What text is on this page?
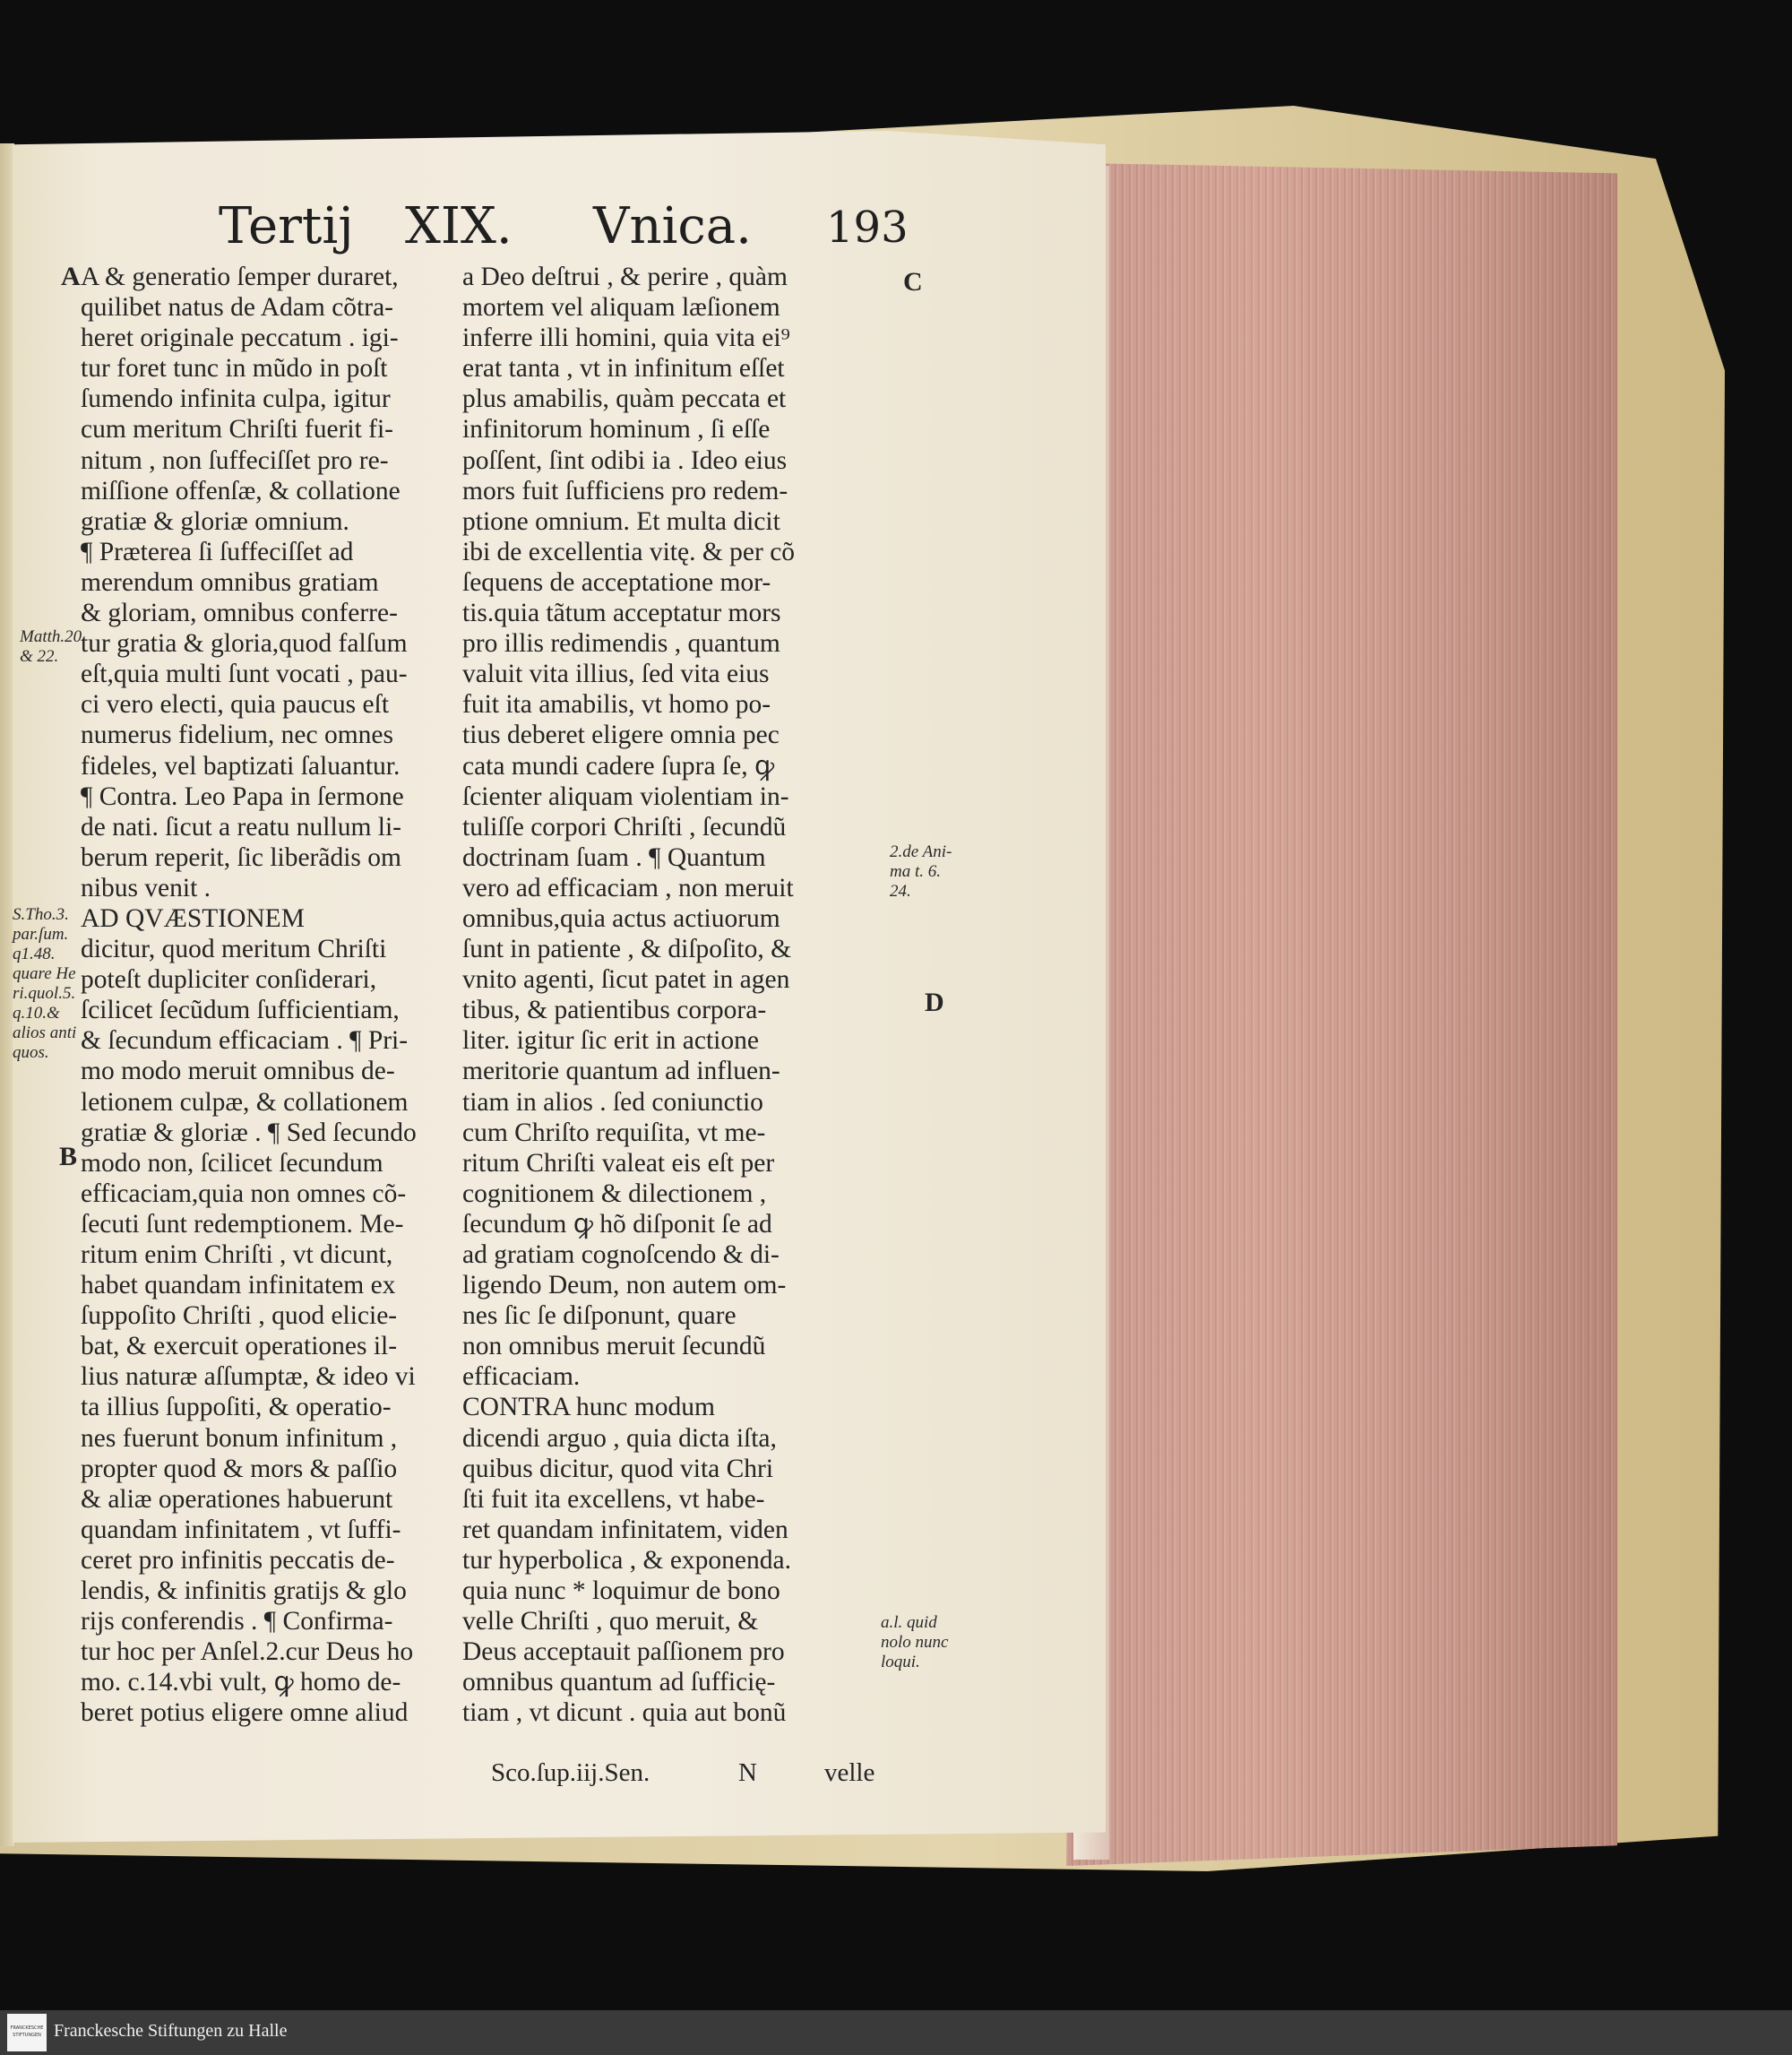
Tertij XIX. Vnica. 193
A & generatio ſemper duraret,
quilibet natus de Adam cõtra-
heret originale peccatum . igi-
tur foret tunc in mũdo in poſt
ſumendo infinita culpa, igitur
cum meritum Chriſti fuerit fi-
nitum , non ſuffeciſſet pro re-
miſſione offenſæ, & collatione
gratiæ & gloriæ omnium.
¶ Præterea ſi ſuffeciſſet ad
merendum omnibus gratiam
& gloriam, omnibus conferre-
tur gratia & gloria,quod falſum
eſt,quia multi ſunt vocati , pau-
ci vero electi, quia paucus eſt
numerus fidelium, nec omnes
fideles, vel baptizati ſaluantur.
¶ Contra. Leo Papa in ſermone
de nati. ſicut a reatu nullum li-
berum reperit, ſic liberãdis om
nibus venit .
AD QVÆSTIONEM
dicitur, quod meritum Chriſti
poteſt dupliciter conſiderari,
ſcilicet ſecũdum ſufficientiam,
& ſecundum efficaciam . ¶ Pri-
mo modo meruit omnibus de-
letionem culpæ, & collationem
gratiæ & gloriæ . ¶ Sed ſecundo
modo non, ſcilicet ſecundum
efficaciam,quia non omnes cõ-
ſecuti ſunt redemptionem. Me-
ritum enim Chriſti , vt dicunt,
habet quandam infinitatem ex
ſuppoſito Chriſti , quod elicie-
bat, & exercuit operationes il-
lius naturæ aſſumptæ, & ideo vi
ta illius ſuppoſiti, & operatio-
nes fuerunt bonum infinitum ,
propter quod & mors & paſſio
& aliæ operationes habuerunt
quandam infinitatem , vt ſuffi-
ceret pro infinitis peccatis de-
lendis, & infinitis gratijs & glo
rijs conferendis . ¶ Confirma-
tur hoc per Anſel.2.cur Deus ho
mo. c.14.vbi vult, ꝙ homo de-
beret potius eligere omne aliud
a Deo deſtrui , & perire , quàm
mortem vel aliquam læſionem
inferre illi homini, quia vita ei⁹
erat tanta , vt in infinitum eſſet
plus amabilis, quàm peccata et
infinitorum hominum , ſi eſſe
poſſent, ſint odibi ia . Ideo eius
mors fuit ſufficiens pro redem-
ptione omnium. Et multa dicit
ibi de excellentia vitę. & per cõ
ſequens de acceptatione mor-
tis.quia tãtum acceptatur mors
pro illis redimendis , quantum
valuit vita illius, ſed vita eius
fuit ita amabilis, vt homo po-
tius deberet eligere omnia pec
cata mundi cadere ſupra ſe, ꝙ
ſcienter aliquam violentiam in-
tuliſſe corpori Chriſti , ſecundũ
doctrinam ſuam . ¶ Quantum
vero ad efficaciam , non meruit
omnibus,quia actus actiuorum
ſunt in patiente , & diſpoſito, &
vnito agenti, ſicut patet in agen
tibus, & patientibus corpora-
liter. igitur ſic erit in actione
meritorie quantum ad influen-
tiam in alios . ſed coniunctio
cum Chriſto requiſita, vt me-
ritum Chriſti valeat eis eſt per
cognitionem & dilectionem ,
ſecundum ꝙ hõ diſponit ſe ad
ad gratiam cognoſcendo & di-
ligendo Deum, non autem om-
nes ſic ſe diſponunt, quare
non omnibus meruit ſecundũ
efficaciam.
CONTRA hunc modum
dicendi arguo , quia dicta iſta,
quibus dicitur, quod vita Chri
ſti fuit ita excellens, vt habe-
ret quandam infinitatem, viden
tur hyperbolica , & exponenda.
quia nunc * loquimur de bono
velle Chriſti , quo meruit, &
Deus acceptauit paſſionem pro
omnibus quantum ad ſufficię-
tiam , vt dicunt . quia aut bonũ
Sco.ſup.iij.Sen.	N	velle
Matth.20
& 22.
S.Tho.3.
par.ſum.
q1.48.
quare He
ri.quol.5.
q.10.&
alios anti
quos.
2.de Ani-
ma t. 6.
24.
a.l. quid
nolo nunc
loqui.
A
B
C
D
FRANCKESCHE STIFTUNGEN Franckesche Stiftungen zu Halle
